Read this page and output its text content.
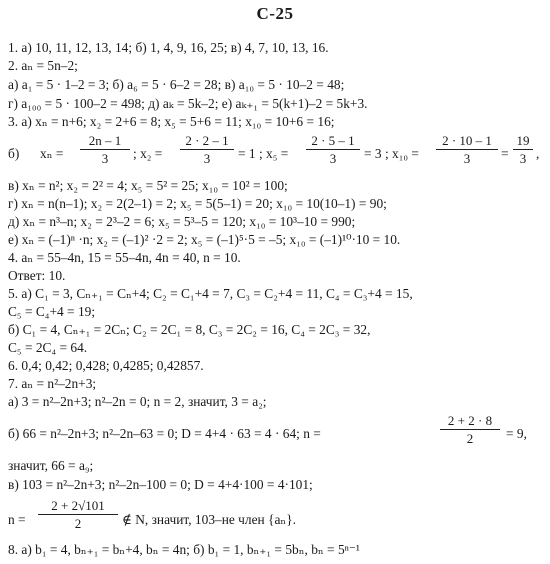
С-25
1. а) 10, 11, 12, 13, 14; б) 1, 4, 9, 16, 25; в) 4, 7, 10, 13, 16.
2. aₙ = 5n–2;
а) a₁ = 5 · 1–2 = 3; б) a₆ = 5 · 6–2 = 28; в) a₁₀ = 5 · 10–2 = 48;
г) a₁₀₀ = 5 · 100–2 = 498; д) aₖ = 5k–2; е) aₖ₊₁ = 5(k+1)–2 = 5k+3.
3. а) xₙ = n+6; x₂ = 2+6 = 8; x₅ = 5+6 = 11; x₁₀ = 10+6 = 16;
б) xₙ =
2n – 1
3	; x₂ =
2 · 2 – 1
3	= 1 ; x₅ =
2 · 5 – 1
3	= 3 ; x₁₀ =
2 · 10 – 1
3	=
19
3 ,
в) xₙ = n²; x₂ = 2² = 4; x₅ = 5² = 25; x₁₀ = 10² = 100;
г) xₙ = n(n–1); x₂ = 2(2–1) = 2; x₅ = 5(5–1) = 20; x₁₀ = 10(10–1) = 90;
д) xₙ = n³–n; x₂ = 2³–2 = 6; x₅ = 5³–5 = 120; x₁₀ = 10³–10 = 990;
е) xₙ = (–1)ⁿ ·n; x₂ = (–1)² ·2 = 2; x₅ = (–1)⁵·5 = –5; x₁₀ = (–1)¹⁰·10 = 10.
4. aₙ = 55–4n, 15 = 55–4n, 4n = 40, n = 10.
Ответ: 10.
5. а) C₁ = 3, Cₙ₊₁ = Cₙ+4; C₂ = C₁+4 = 7, C₃ = C₂+4 = 11, C₄ = C₃+4 = 15,
C₅ = C₄+4 = 19;
б) C₁ = 4, Cₙ₊₁ = 2Cₙ; C₂ = 2C₁ = 8, C₃ = 2C₂ = 16, C₄ = 2C₃ = 32,
C₅ = 2C₄ = 64.
6. 0,4; 0,42; 0,428; 0,4285; 0,42857.
7. aₙ = n²–2n+3;
а) 3 = n²–2n+3; n²–2n = 0; n = 2, значит, 3 = a₂;
б) 66 = n²–2n+3; n²–2n–63 = 0; D = 4+4 · 63 = 4 · 64; n =
2 + 2 · 8
2	= 9,
значит, 66 = a₉;
в) 103 = n²–2n+3; n²–2n–100 = 0; D = 4+4·100 = 4·101;
n =
2 + 2√101
2	∉ N, значит, 103–не член {aₙ}.
8. а) b₁ = 4, bₙ₊₁ = bₙ+4, bₙ = 4n; б) b₁ = 1, bₙ₊₁ = 5bₙ, bₙ = 5ⁿ⁻¹
